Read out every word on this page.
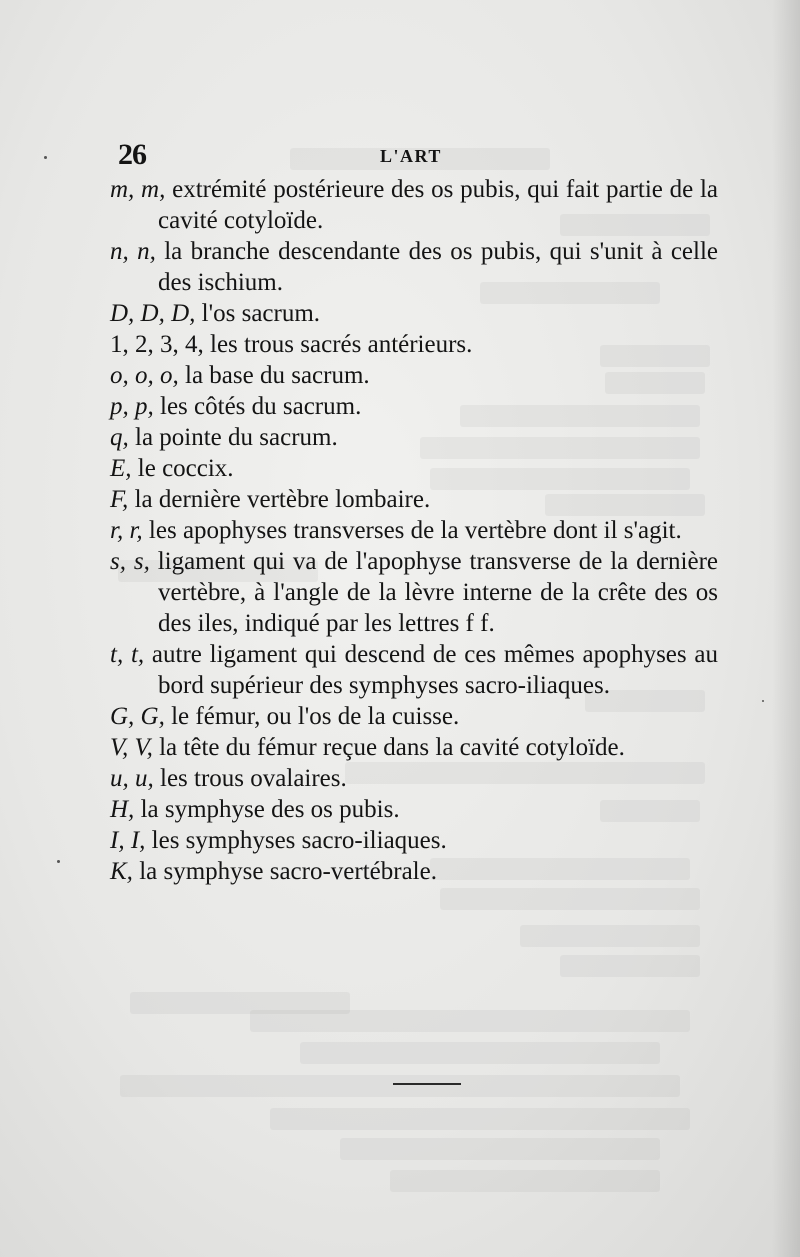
26	L'ART

m, m, extrémité postérieure des os pubis, qui fait partie de la cavité cotyloïde.

n, n, la branche descendante des os pubis, qui s'unit à celle des ischium.

D, D, D, l'os sacrum.

1, 2, 3, 4, les trous sacrés antérieurs.

o, o, o, la base du sacrum.

p, p, les côtés du sacrum.

q, la pointe du sacrum.

E, le coccix.

F, la dernière vertèbre lombaire.

r, r, les apophyses transverses de la vertèbre dont il s'agit.

s, s, ligament qui va de l'apophyse transverse de la dernière vertèbre, à l'angle de la lèvre interne de la crête des os des iles, indiqué par les lettres f f.

t, t, autre ligament qui descend de ces mêmes apophyses au bord supérieur des symphyses sacro-iliaques.

G, G, le fémur, ou l'os de la cuisse.

V, V, la tête du fémur reçue dans la cavité cotyloïde.

u, u, les trous ovalaires.

H, la symphyse des os pubis.

I, I, les symphyses sacro-iliaques.

K, la symphyse sacro-vertébrale.
